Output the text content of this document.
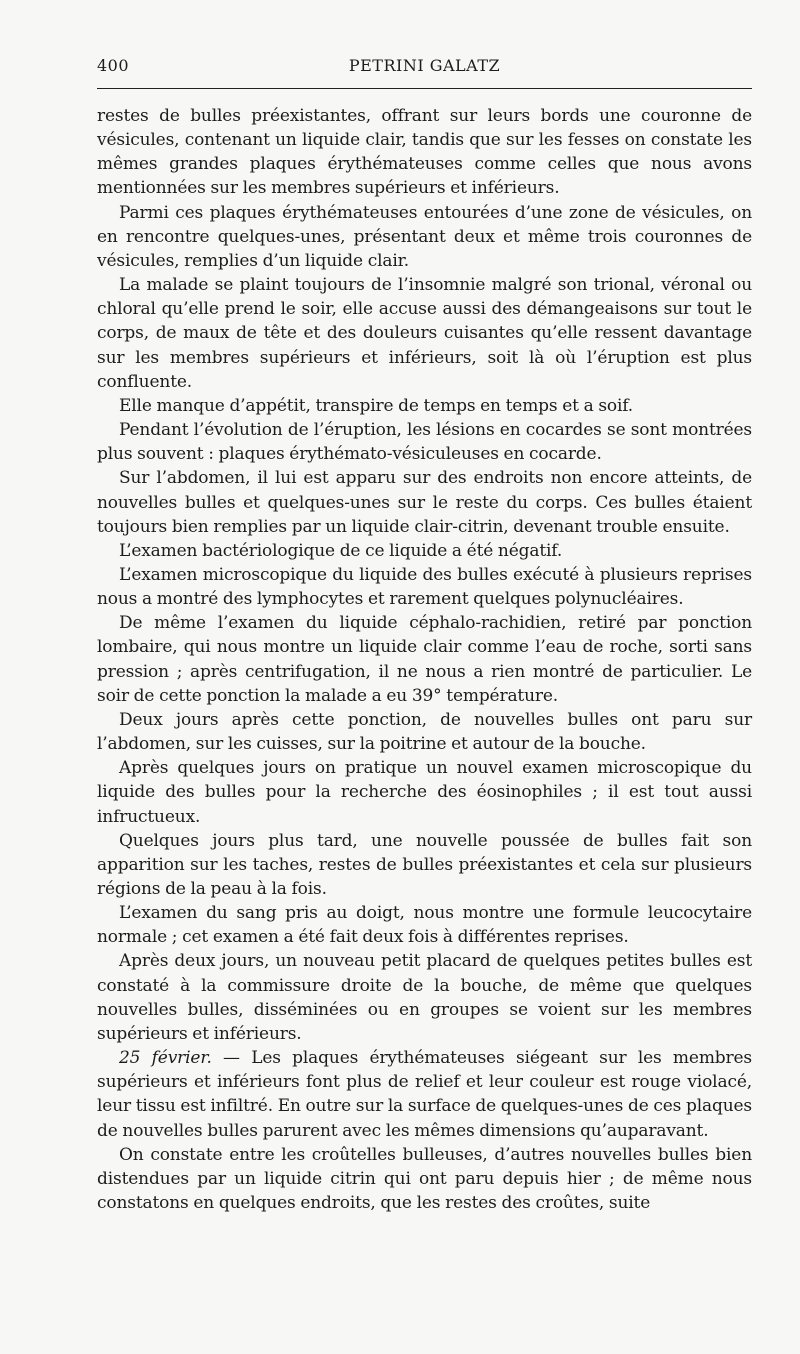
400	PETRINI GALATZ

restes de bulles préexistantes, offrant sur leurs bords une couronne de vésicules, contenant un liquide clair, tandis que sur les fesses on constate les mêmes grandes plaques érythémateuses comme celles que nous avons mentionnées sur les membres supérieurs et inférieurs.

Parmi ces plaques érythémateuses entourées d’une zone de vésicules, on en rencontre quelques-unes, présentant deux et même trois couronnes de vésicules, remplies d’un liquide clair.

La malade se plaint toujours de l’insomnie malgré son trional, véronal ou chloral qu’elle prend le soir, elle accuse aussi des démangeaisons sur tout le corps, de maux de tête et des douleurs cuisantes qu’elle ressent davantage sur les membres supérieurs et inférieurs, soit là où l’éruption est plus confluente.

Elle manque d’appétit, transpire de temps en temps et a soif.

Pendant l’évolution de l’éruption, les lésions en cocardes se sont montrées plus souvent : plaques érythémato-vésiculeuses en cocarde.

Sur l’abdomen, il lui est apparu sur des endroits non encore atteints, de nouvelles bulles et quelques-unes sur le reste du corps. Ces bulles étaient toujours bien remplies par un liquide clair-citrin, devenant trouble ensuite.

L’examen bactériologique de ce liquide a été négatif.

L’examen microscopique du liquide des bulles exécuté à plusieurs reprises nous a montré des lymphocytes et rarement quelques polynucléaires.

De même l’examen du liquide céphalo-rachidien, retiré par ponction lombaire, qui nous montre un liquide clair comme l’eau de roche, sorti sans pression ; après centrifugation, il ne nous a rien montré de particulier. Le soir de cette ponction la malade a eu 39° température.

Deux jours après cette ponction, de nouvelles bulles ont paru sur l’abdomen, sur les cuisses, sur la poitrine et autour de la bouche.

Après quelques jours on pratique un nouvel examen microscopique du liquide des bulles pour la recherche des éosinophiles ; il est tout aussi infructueux.

Quelques jours plus tard, une nouvelle poussée de bulles fait son apparition sur les taches, restes de bulles préexistantes et cela sur plusieurs régions de la peau à la fois.

L’examen du sang pris au doigt, nous montre une formule leucocytaire normale ; cet examen a été fait deux fois à différentes reprises.

Après deux jours, un nouveau petit placard de quelques petites bulles est constaté à la commissure droite de la bouche, de même que quelques nouvelles bulles, disséminées ou en groupes se voient sur les membres supérieurs et inférieurs.

25 février. — Les plaques érythémateuses siégeant sur les membres supérieurs et inférieurs font plus de relief et leur couleur est rouge violacé, leur tissu est infiltré. En outre sur la surface de quelques-unes de ces plaques de nouvelles bulles parurent avec les mêmes dimensions qu’auparavant.

On constate entre les croûtelles bulleuses, d’autres nouvelles bulles bien distendues par un liquide citrin qui ont paru depuis hier ; de même nous constatons en quelques endroits, que les restes des croûtes, suite
